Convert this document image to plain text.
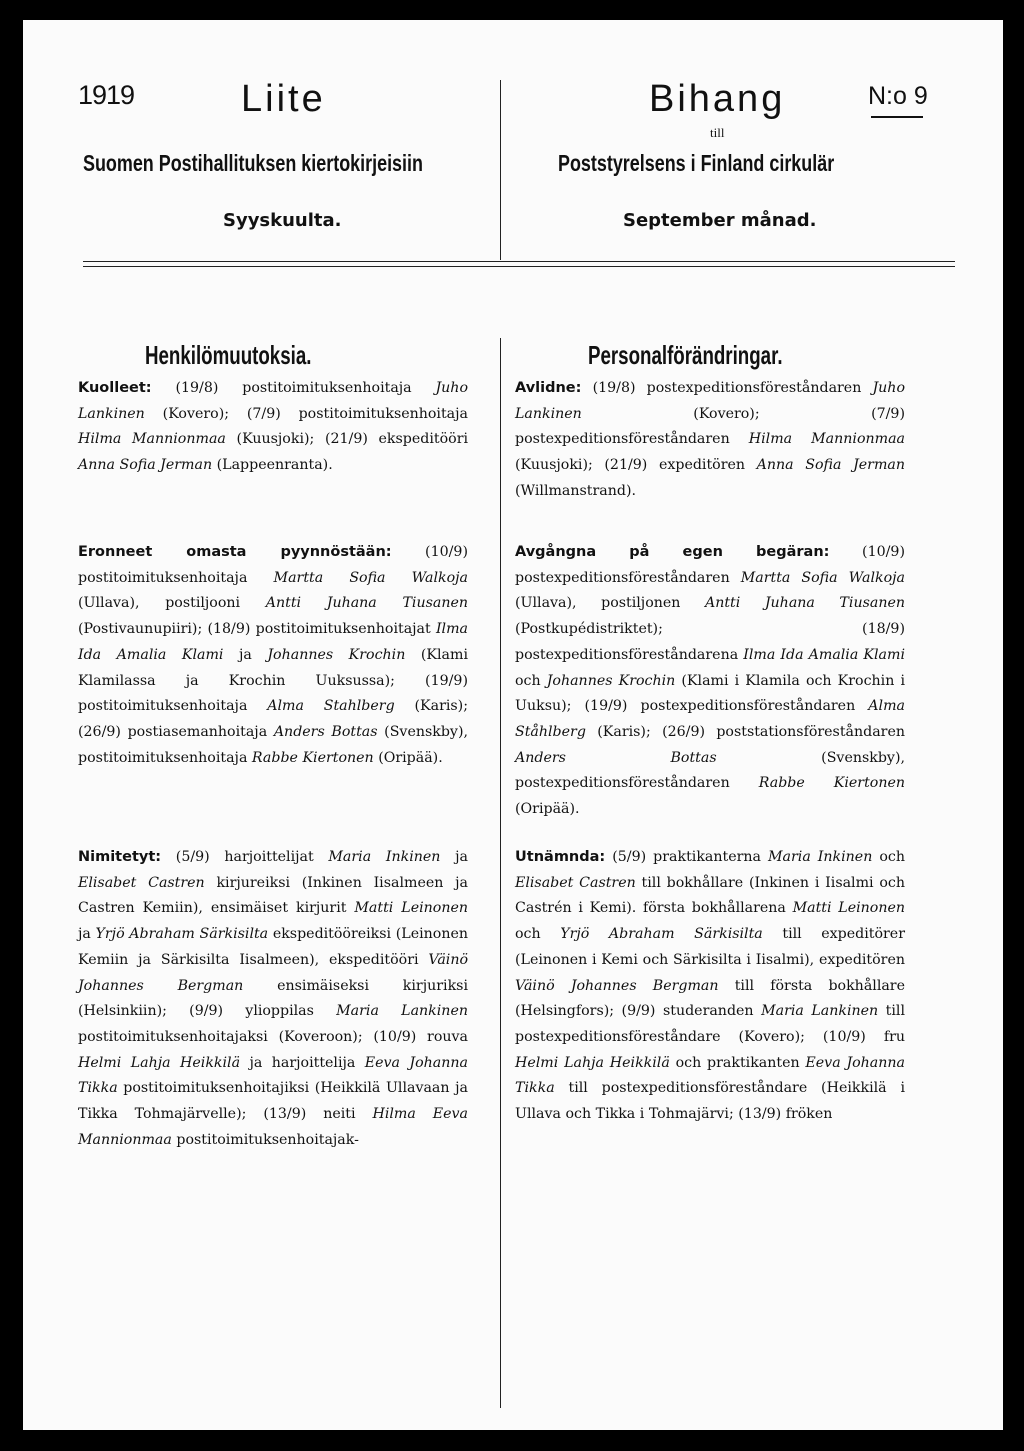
1919	Liite	Bihang	N:o 9
till
Suomen Postihallituksen kiertokirjeisiin	Poststyrelsens i Finland cirkulär
Syyskuulta.	September månad.
Henkilömuutoksia.	Personalförändringar.
Kuolleet: (19/8) postitoimituksenhoitaja Juho Lankinen (Kovero); (7/9) postitoimituksenhoitaja Hilma Mannionmaa (Kuusjoki); (21/9) ekspeditööri Anna Sofia Jerman (Lappeenranta).
Eronneet omasta pyynnöstään: (10/9) postitoimituksenhoitaja Martta Sofia Walkoja (Ullava), postiljooni Antti Juhana Tiusanen (Postivaunupiiri); (18/9) postitoimituksenhoitajat Ilma Ida Amalia Klami ja Johannes Krochin (Klami Klamilassa ja Krochin Uuksussa); (19/9) postitoimituksenhoitaja Alma Stahlberg (Karis); (26/9) postiasemanhoitaja Anders Bottas (Svenskby), postitoimituksenhoitaja Rabbe Kiertonen (Oripää).
Nimitetyt: (5/9) harjoittelijat Maria Inkinen ja Elisabet Castren kirjureiksi (Inkinen Iisalmeen ja Castren Kemiin), ensimäiset kirjurit Matti Leinonen ja Yrjö Abraham Särkisilta ekspeditööreiksi (Leinonen Kemiin ja Särkisilta Iisalmeen), ekspeditööri Väinö Johannes Bergman ensimäiseksi kirjuriksi (Helsinkiin); (9/9) ylioppilas Maria Lankinen postitoimituksenhoitajaksi (Koveroon); (10/9) rouva Helmi Lahja Heikkilä ja harjoittelija Eeva Johanna Tikka postitoimituksenhoitajiksi (Heikkilä Ullavaan ja Tikka Tohmajärvelle); (13/9) neiti Hilma Eeva Mannionmaa postitoimituksenhoitajak-
Avlidne: (19/8) postexpeditionsföreståndaren Juho Lankinen (Kovero); (7/9) postexpeditionsföreståndaren Hilma Mannionmaa (Kuusjoki); (21/9) expeditören Anna Sofia Jerman (Willmanstrand).
Avgångna på egen begäran: (10/9) postexpeditionsföreståndaren Martta Sofia Walkoja (Ullava), postiljonen Antti Juhana Tiusanen (Postkupédistriktet); (18/9) postexpeditionsföreståndarena Ilma Ida Amalia Klami och Johannes Krochin (Klami i Klamila och Krochin i Uuksu); (19/9) postexpeditionsföreståndaren Alma Ståhlberg (Karis); (26/9) poststationsföreståndaren Anders Bottas (Svenskby), postexpeditionsföreståndaren Rabbe Kiertonen (Oripää).
Utnämnda: (5/9) praktikanterna Maria Inkinen och Elisabet Castren till bokhållare (Inkinen i Iisalmi och Castrén i Kemi). första bokhållarena Matti Leinonen och Yrjö Abraham Särkisilta till expeditörer (Leinonen i Kemi och Särkisilta i Iisalmi), expeditören Väinö Johannes Bergman till första bokhållare (Helsingfors); (9/9) studeranden Maria Lankinen till postexpeditionsföreståndare (Kovero); (10/9) fru Helmi Lahja Heikkilä och praktikanten Eeva Johanna Tikka till postexpeditionsföreståndare (Heikkilä i Ullava och Tikka i Tohmajärvi; (13/9) fröken
